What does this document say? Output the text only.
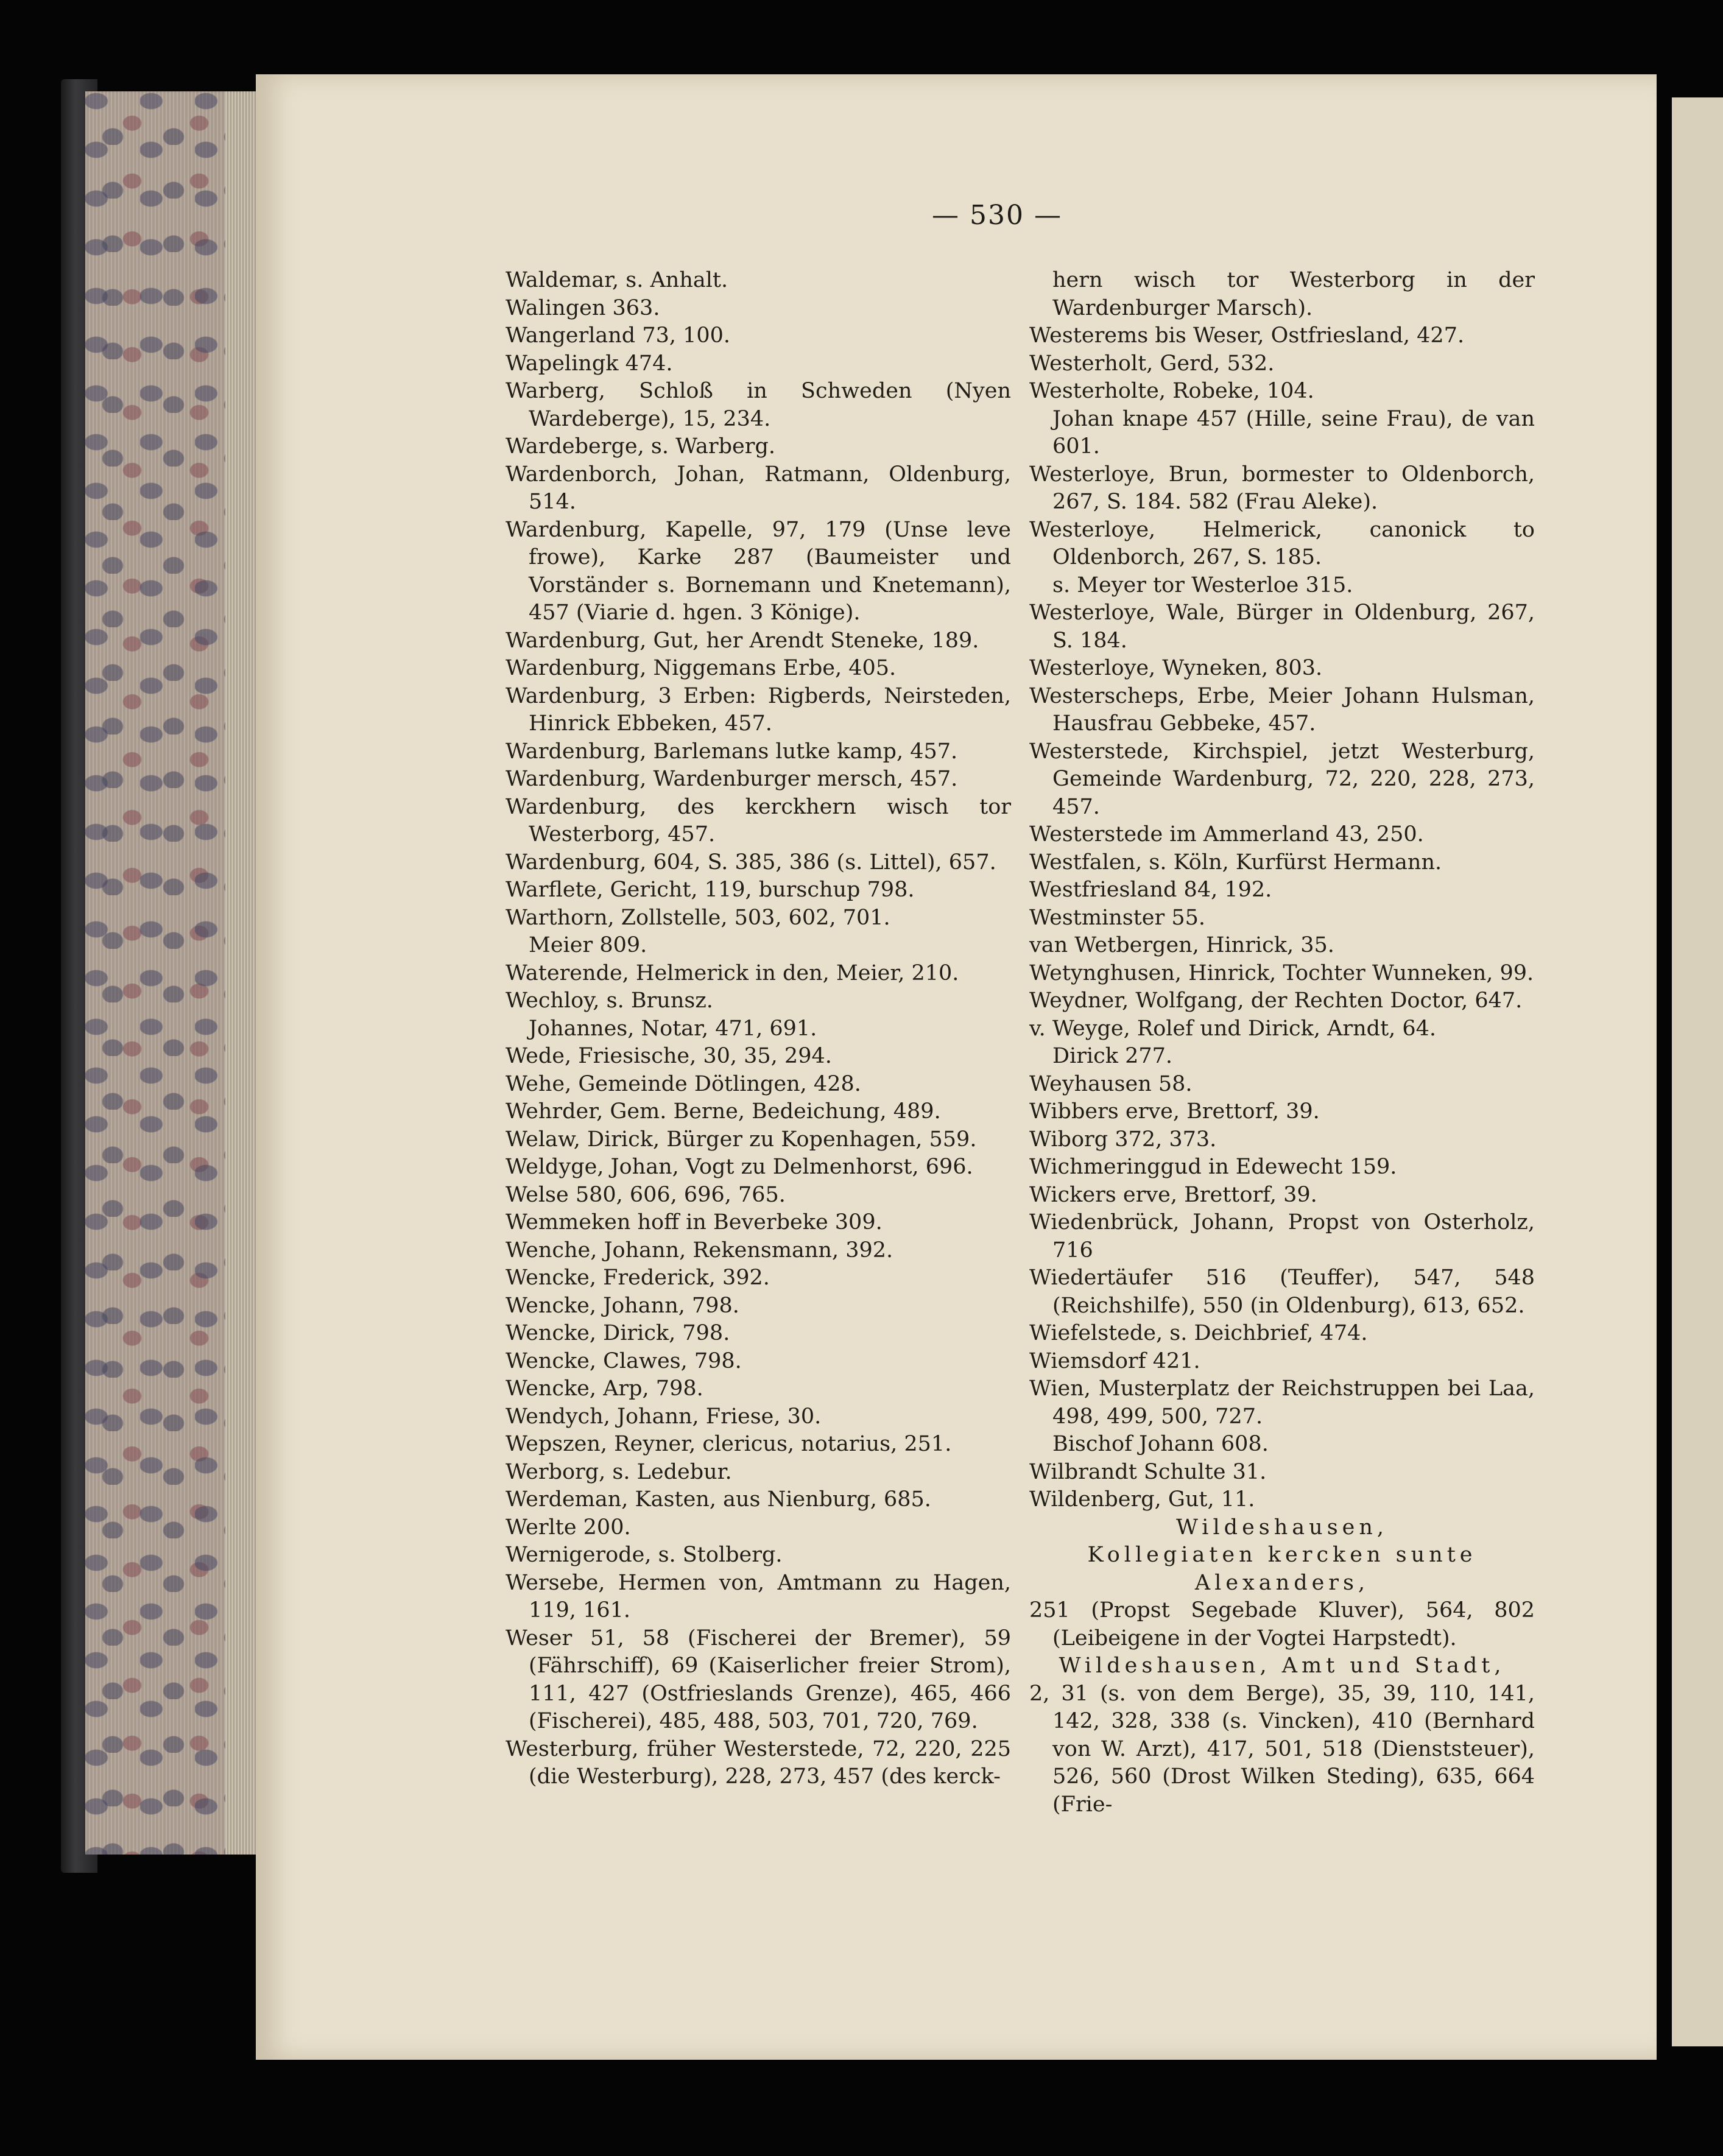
— 530 —
Waldemar, s. Anhalt.
Walingen 363.
Wangerland 73, 100.
Wapelingk 474.
Warberg, Schloß in Schweden (Nyen Wardeberge), 15, 234.
Wardeberge, s. Warberg.
Wardenborch, Johan, Ratmann, Oldenburg, 514.
Wardenburg, Kapelle, 97, 179 (Unse leve frowe), Karke 287 (Baumeister und Vorständer s. Bornemann und Knetemann), 457 (Viarie d. hgen. 3 Könige).
Wardenburg, Gut, her Arendt Steneke, 189.
Wardenburg, Niggemans Erbe, 405.
Wardenburg, 3 Erben: Rigberds, Neirsteden, Hinrick Ebbeken, 457.
Wardenburg, Barlemans lutke kamp, 457.
Wardenburg, Wardenburger mersch, 457.
Wardenburg, des kerckhern wisch tor Westerborg, 457.
Wardenburg, 604, S. 385, 386 (s. Littel), 657.
Warflete, Gericht, 119, burschup 798.
Warthorn, Zollstelle, 503, 602, 701.
Meier 809.
Waterende, Helmerick in den, Meier, 210.
Wechloy, s. Brunsz.
Johannes, Notar, 471, 691.
Wede, Friesische, 30, 35, 294.
Wehe, Gemeinde Dötlingen, 428.
Wehrder, Gem. Berne, Bedeichung, 489.
Welaw, Dirick, Bürger zu Kopenhagen, 559.
Weldyge, Johan, Vogt zu Delmenhorst, 696.
Welse 580, 606, 696, 765.
Wemmeken hoff in Beverbeke 309.
Wenche, Johann, Rekensmann, 392.
Wencke, Frederick, 392.
Wencke, Johann, 798.
Wencke, Dirick, 798.
Wencke, Clawes, 798.
Wencke, Arp, 798.
Wendych, Johann, Friese, 30.
Wepszen, Reyner, clericus, notarius, 251.
Werborg, s. Ledebur.
Werdeman, Kasten, aus Nienburg, 685.
Werlte 200.
Wernigerode, s. Stolberg.
Wersebe, Hermen von, Amtmann zu Hagen, 119, 161.
Weser 51, 58 (Fischerei der Bremer), 59 (Fährschiff), 69 (Kaiserlicher freier Strom), 111, 427 (Ostfrieslands Grenze), 465, 466 (Fischerei), 485, 488, 503, 701, 720, 769.
Westerburg, früher Westerstede, 72, 220, 225 (die Westerburg), 228, 273, 457 (des kerck-
hern wisch tor Westerborg in der Wardenburger Marsch).
Westerems bis Weser, Ostfriesland, 427.
Westerholt, Gerd, 532.
Westerholte, Robeke, 104.
Johan knape 457 (Hille, seine Frau), de van 601.
Westerloye, Brun, bormester to Oldenborch, 267, S. 184. 582 (Frau Aleke).
Westerloye, Helmerick, canonick to Oldenborch, 267, S. 185.
s. Meyer tor Westerloe 315.
Westerloye, Wale, Bürger in Oldenburg, 267, S. 184.
Westerloye, Wyneken, 803.
Westerscheps, Erbe, Meier Johann Hulsman, Hausfrau Gebbeke, 457.
Westerstede, Kirchspiel, jetzt Westerburg, Gemeinde Wardenburg, 72, 220, 228, 273, 457.
Westerstede im Ammerland 43, 250.
Westfalen, s. Köln, Kurfürst Hermann.
Westfriesland 84, 192.
Westminster 55.
van Wetbergen, Hinrick, 35.
Wetynghusen, Hinrick, Tochter Wunneken, 99.
Weydner, Wolfgang, der Rechten Doctor, 647.
v. Weyge, Rolef und Dirick, Arndt, 64.
Dirick 277.
Weyhausen 58.
Wibbers erve, Brettorf, 39.
Wiborg 372, 373.
Wichmeringgud in Edewecht 159.
Wickers erve, Brettorf, 39.
Wiedenbrück, Johann, Propst von Osterholz, 716
Wiedertäufer 516 (Teuffer), 547, 548 (Reichshilfe), 550 (in Oldenburg), 613, 652.
Wiefelstede, s. Deichbrief, 474.
Wiemsdorf 421.
Wien, Musterplatz der Reichstruppen bei Laa, 498, 499, 500, 727.
Bischof Johann 608.
Wilbrandt Schulte 31.
Wildenberg, Gut, 11.
Wildeshausen,
Kollegiaten kercken sunte
Alexanders,
251 (Propst Segebade Kluver), 564, 802 (Leibeigene in der Vogtei Harpstedt).
Wildeshausen, Amt und Stadt,
2, 31 (s. von dem Berge), 35, 39, 110, 141, 142, 328, 338 (s. Vincken), 410 (Bernhard von W. Arzt), 417, 501, 518 (Dienststeuer), 526, 560 (Drost Wilken Steding), 635, 664 (Frie-
